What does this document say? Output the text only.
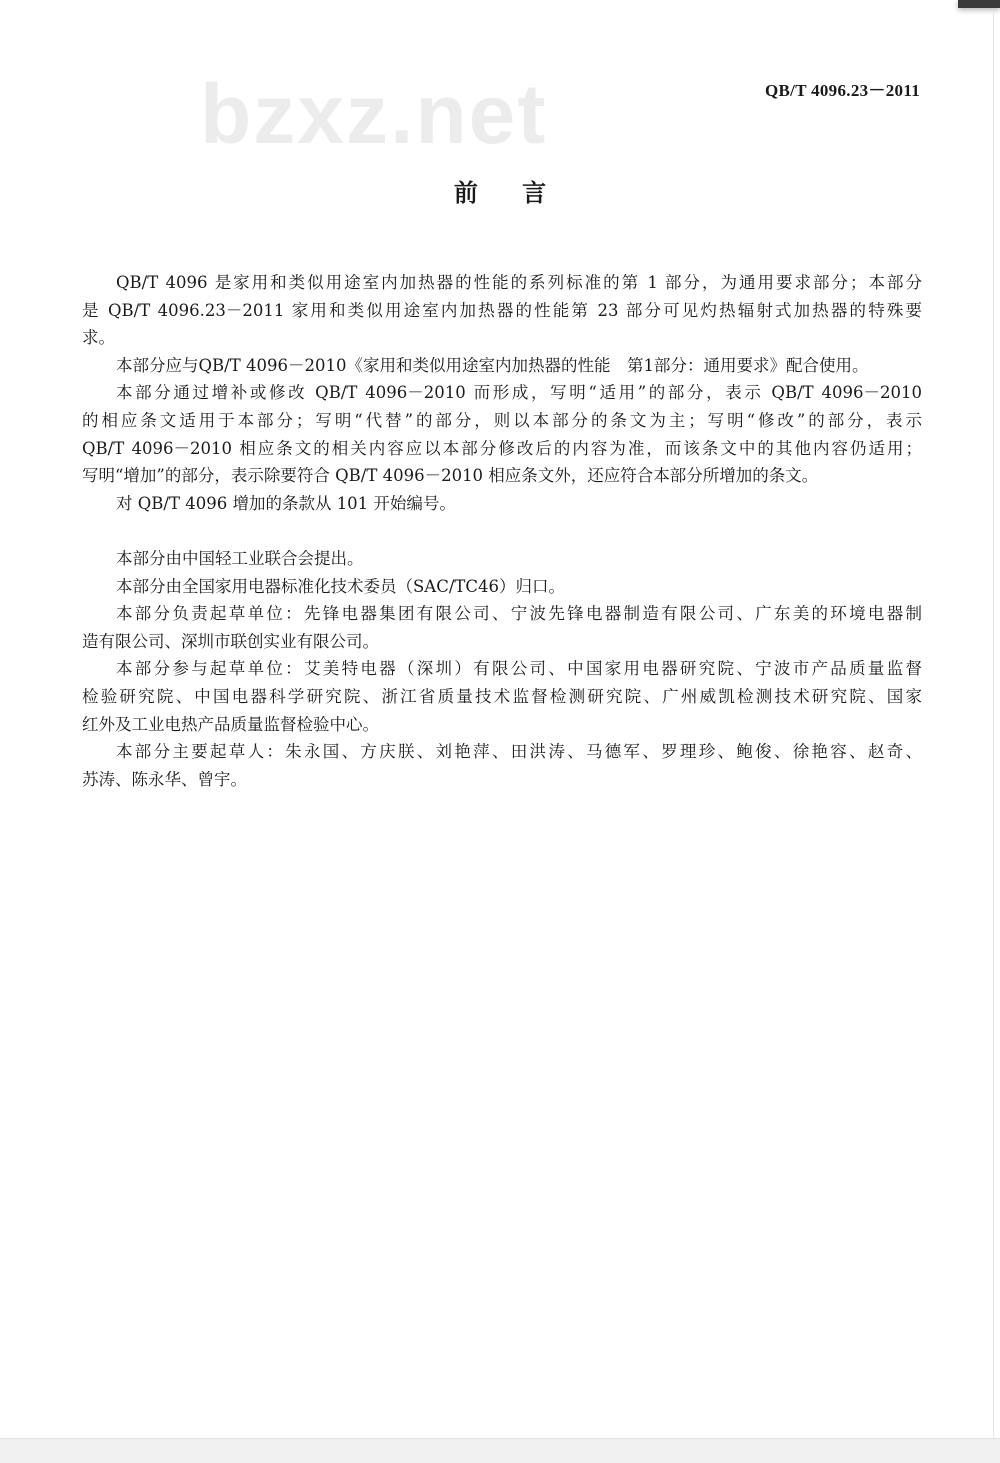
QB/T 4096.23－2011
bzxz.net
前 言
QB/T 4096 是家用和类似用途室内加热器的性能的系列标准的第 1 部分，为通用要求部分；本部分
是 QB/T 4096.23－2011 家用和类似用途室内加热器的性能第 23 部分可见灼热辐射式加热器的特殊要
求。
本部分应与QB/T 4096－2010《家用和类似用途室内加热器的性能　第1部分：通用要求》配合使用。
本部分通过增补或修改 QB/T 4096－2010 而形成，写明“适用”的部分，表示 QB/T 4096－2010
的相应条文适用于本部分；写明“代替”的部分，则以本部分的条文为主；写明“修改”的部分，表示
QB/T 4096－2010 相应条文的相关内容应以本部分修改后的内容为准，而该条文中的其他内容仍适用；
写明“增加”的部分，表示除要符合 QB/T 4096－2010 相应条文外，还应符合本部分所增加的条文。
对 QB/T 4096 增加的条款从 101 开始编号。
本部分由中国轻工业联合会提出。
本部分由全国家用电器标准化技术委员（SAC/TC46）归口。
本部分负责起草单位：先锋电器集团有限公司、宁波先锋电器制造有限公司、广东美的环境电器制
造有限公司、深圳市联创实业有限公司。
本部分参与起草单位：艾美特电器（深圳）有限公司、中国家用电器研究院、宁波市产品质量监督
检验研究院、中国电器科学研究院、浙江省质量技术监督检测研究院、广州威凯检测技术研究院、国家
红外及工业电热产品质量监督检验中心。
本部分主要起草人：朱永国、方庆朕、刘艳萍、田洪涛、马德军、罗理珍、鲍俊、徐艳容、赵奇、
苏涛、陈永华、曾宇。
